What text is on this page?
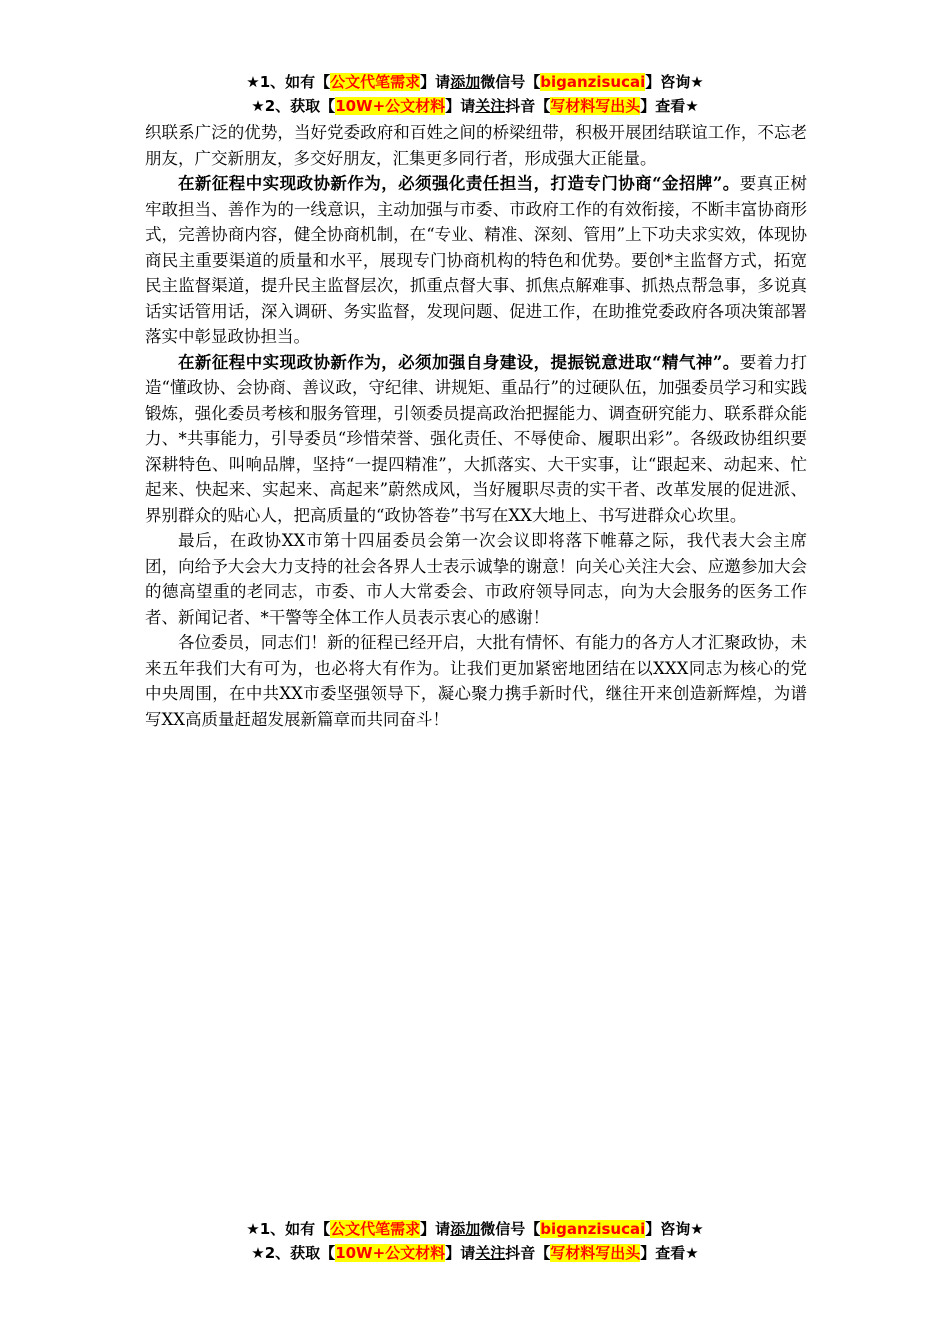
★1、如有【公文代笔需求】请添加微信号【biganzisucai】咨询★
★2、获取【10W+公文材料】请关注抖音【写材料写出头】查看★

织联系广泛的优势，当好党委政府和百姓之间的桥梁纽带，积极开展团结联谊工作，不忘老朋友，广交新朋友，多交好朋友，汇集更多同行者，形成强大正能量。

在新征程中实现政协新作为，必须强化责任担当，打造专门协商“金招牌”。要真正树牢敢担当、善作为的一线意识，主动加强与市委、市政府工作的有效衔接，不断丰富协商形式，完善协商内容，健全协商机制，在“专业、精准、深刻、管用”上下功夫求实效，体现协商民主重要渠道的质量和水平，展现专门协商机构的特色和优势。要创*主监督方式，拓宽民主监督渠道，提升民主监督层次，抓重点督大事、抓焦点解难事、抓热点帮急事，多说真话实话管用话，深入调研、务实监督，发现问题、促进工作，在助推党委政府各项决策部署落实中彰显政协担当。

在新征程中实现政协新作为，必须加强自身建设，提振锐意进取“精气神”。要着力打造“懂政协、会协商、善议政，守纪律、讲规矩、重品行”的过硬队伍，加强委员学习和实践锻炼，强化委员考核和服务管理，引领委员提高政治把握能力、调查研究能力、联系群众能力、*共事能力，引导委员“珍惜荣誉、强化责任、不辱使命、履职出彩”。各级政协组织要深耕特色、叫响品牌，坚持“一提四精准”，大抓落实、大干实事，让“跟起来、动起来、忙起来、快起来、实起来、高起来”蔚然成风，当好履职尽责的实干者、改革发展的促进派、界别群众的贴心人，把高质量的“政协答卷”书写在XX大地上、书写进群众心坎里。

最后，在政协XX市第十四届委员会第一次会议即将落下帷幕之际，我代表大会主席团，向给予大会大力支持的社会各界人士表示诚挚的谢意！向关心关注大会、应邀参加大会的德高望重的老同志，市委、市人大常委会、市政府领导同志，向为大会服务的医务工作者、新闻记者、*干警等全体工作人员表示衷心的感谢！

各位委员，同志们！新的征程已经开启，大批有情怀、有能力的各方人才汇聚政协，未来五年我们大有可为，也必将大有作为。让我们更加紧密地团结在以XXX同志为核心的党中央周围，在中共XX市委坚强领导下，凝心聚力携手新时代，继往开来创造新辉煌，为谱写XX高质量赶超发展新篇章而共同奋斗！

★1、如有【公文代笔需求】请添加微信号【biganzisucai】咨询★
★2、获取【10W+公文材料】请关注抖音【写材料写出头】查看★
